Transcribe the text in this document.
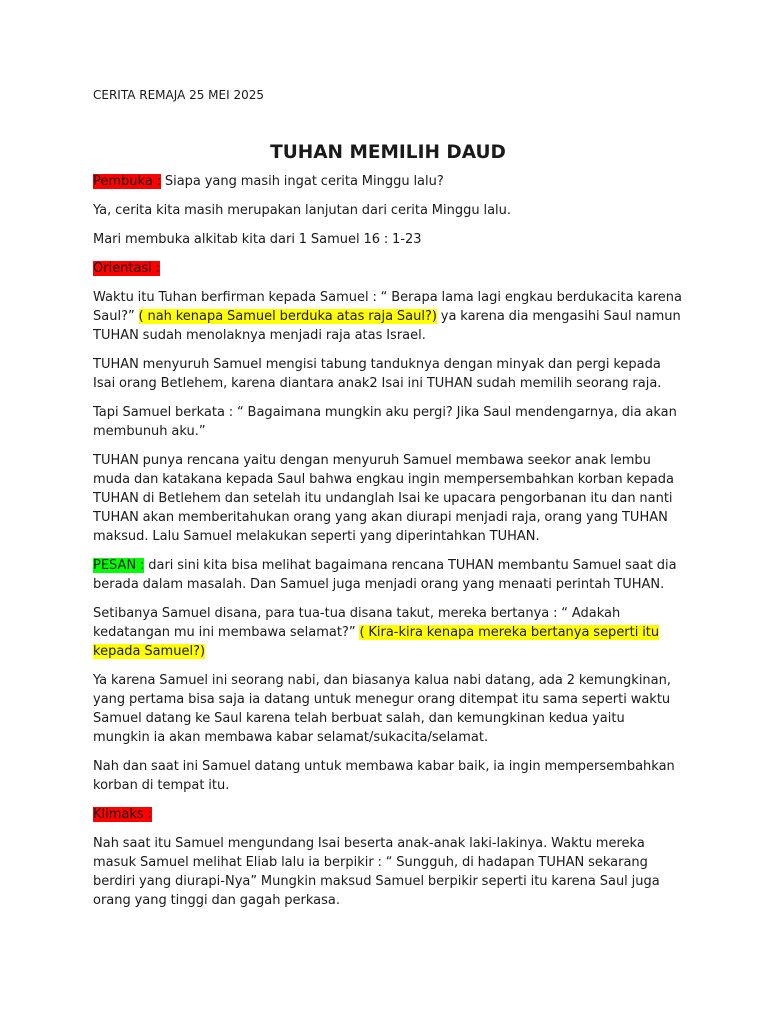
CERITA REMAJA 25 MEI 2025
TUHAN MEMILIH DAUD

Pembuka : Siapa yang masih ingat cerita Minggu lalu?

Ya, cerita kita masih merupakan lanjutan dari cerita Minggu lalu.

Mari membuka alkitab kita dari 1 Samuel 16 : 1-23

Orientasi :

Waktu itu Tuhan berfirman kepada Samuel : “ Berapa lama lagi engkau berdukacita karena Saul?” ( nah kenapa Samuel berduka atas raja Saul?) ya karena dia mengasihi Saul namun TUHAN sudah menolaknya menjadi raja atas Israel.

TUHAN menyuruh Samuel mengisi tabung tanduknya dengan minyak dan pergi kepada Isai orang Betlehem, karena diantara anak2 Isai ini TUHAN sudah memilih seorang raja.

Tapi Samuel berkata : “ Bagaimana mungkin aku pergi? Jika Saul mendengarnya, dia akan membunuh aku.”

TUHAN punya rencana yaitu dengan menyuruh Samuel membawa seekor anak lembu muda dan katakana kepada Saul bahwa engkau ingin mempersembahkan korban kepada TUHAN di Betlehem dan setelah itu undanglah Isai ke upacara pengorbanan itu dan nanti TUHAN akan memberitahukan orang yang akan diurapi menjadi raja, orang yang TUHAN maksud. Lalu Samuel melakukan seperti yang diperintahkan TUHAN.

PESAN : dari sini kita bisa melihat bagaimana rencana TUHAN membantu Samuel saat dia berada dalam masalah. Dan Samuel juga menjadi orang yang menaati perintah TUHAN.

Setibanya Samuel disana, para tua-tua disana takut, mereka bertanya : “ Adakah kedatangan mu ini membawa selamat?” ( Kira-kira kenapa mereka bertanya seperti itu kepada Samuel?)

Ya karena Samuel ini seorang nabi, dan biasanya kalua nabi datang, ada 2 kemungkinan, yang pertama bisa saja ia datang untuk menegur orang ditempat itu sama seperti waktu Samuel datang ke Saul karena telah berbuat salah, dan kemungkinan kedua yaitu mungkin ia akan membawa kabar selamat/sukacita/selamat.

Nah dan saat ini Samuel datang untuk membawa kabar baik, ia ingin mempersembahkan korban di tempat itu.

Klimaks :

Nah saat itu Samuel mengundang Isai beserta anak-anak laki-lakinya. Waktu mereka masuk Samuel melihat Eliab lalu ia berpikir : “ Sungguh, di hadapan TUHAN sekarang berdiri yang diurapi-Nya” Mungkin maksud Samuel berpikir seperti itu karena Saul juga orang yang tinggi dan gagah perkasa.
